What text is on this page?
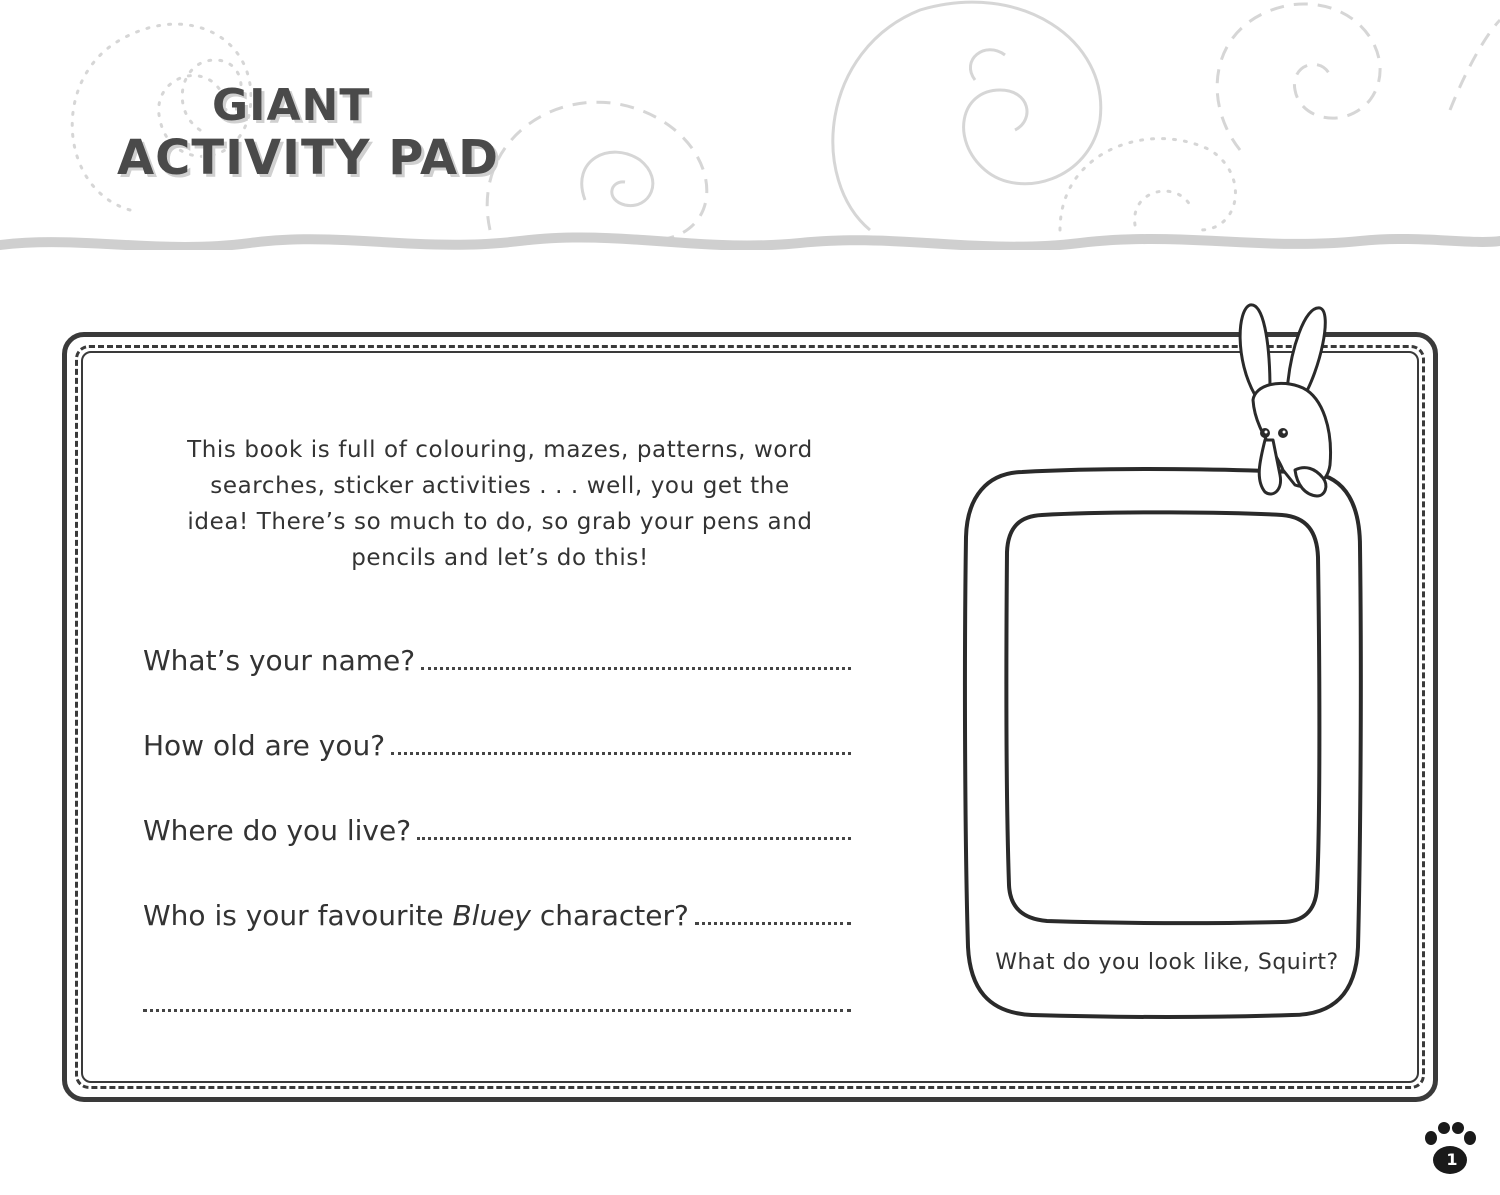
GIANT
ACTIVITY PAD
This book is full of colouring, mazes, patterns, word searches, sticker activities . . . well, you get the idea! There’s so much to do, so grab your pens and pencils and let’s do this!
What’s your name?
How old are you?
Where do you live?
Who is your favourite Bluey character?
What do you look like, Squirt?
1
